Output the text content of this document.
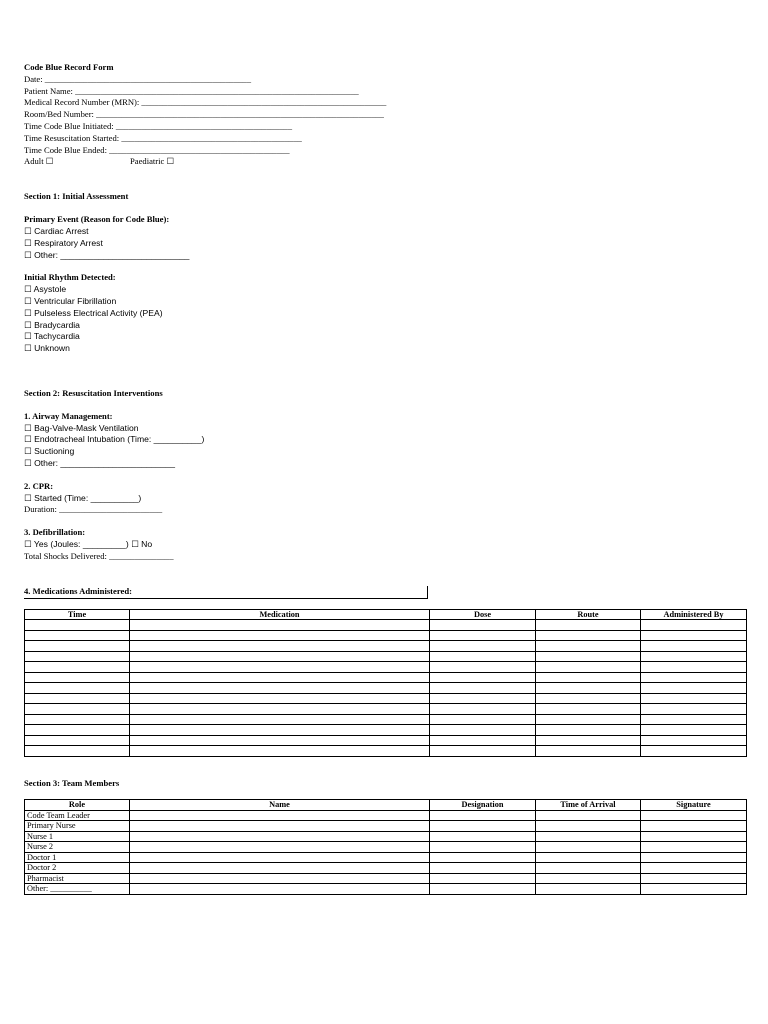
Code Blue Record Form
Date: ________________________________________________
Patient Name: __________________________________________________________________
Medical Record Number (MRN): _________________________________________________________
Room/Bed Number: ___________________________________________________________________
Time Code Blue Initiated: _________________________________________
Time Resuscitation Started: __________________________________________
Time Code Blue Ended: __________________________________________
Adult ☐	Paediatric ☐
Section 1: Initial Assessment
Primary Event (Reason for Code Blue):
☐ Cardiac Arrest
☐ Respiratory Arrest
☐ Other: ___________________________
Initial Rhythm Detected:
☐ Asystole
☐ Ventricular Fibrillation
☐ Pulseless Electrical Activity (PEA)
☐ Bradycardia
☐ Tachycardia
☐ Unknown
Section 2: Resuscitation Interventions
1. Airway Management:
☐ Bag-Valve-Mask Ventilation
☐ Endotracheal Intubation (Time: __________)
☐ Suctioning
☐ Other: ________________________
2. CPR:
☐ Started (Time: __________)
Duration: ________________________
3. Defibrillation:
☐ Yes (Joules: _________) ☐ No
Total Shocks Delivered: _______________
4. Medications Administered:
Time	Medication	Dose	Route	Administered By

Section 3: Team Members
Role	Name	Designation	Time of Arrival	Signature
Code Team Leader				
Primary Nurse				
Nurse 1				
Nurse 2				
Doctor 1				
Doctor 2				
Pharmacist				
Other: __________				
